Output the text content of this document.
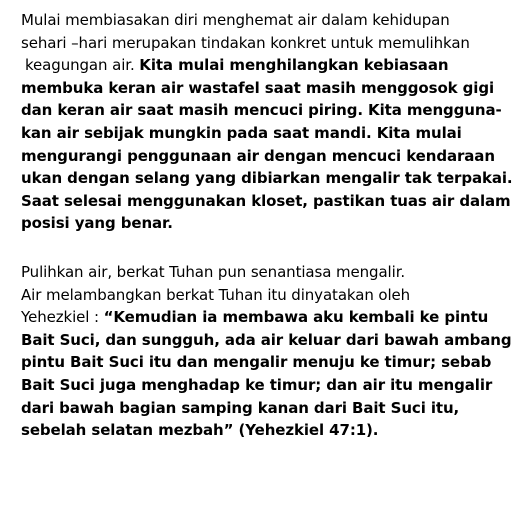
Mulai membiasakan diri menghemat air dalam kehidupan
sehari –hari merupakan tindakan konkret untuk memulihkan
keagungan air. Kita mulai menghilangkan kebiasaan
membuka keran air wastafel saat masih menggosok gigi
dan keran air saat masih mencuci piring. Kita mengguna-
kan air sebijak mungkin pada saat mandi. Kita mulai
mengurangi penggunaan air dengan mencuci kendaraan
ukan dengan selang yang dibiarkan mengalir tak terpakai.
Saat selesai menggunakan kloset, pastikan tuas air dalam
posisi yang benar.

Pulihkan air, berkat Tuhan pun senantiasa mengalir.
Air melambangkan berkat Tuhan itu dinyatakan oleh
Yehezkiel : “Kemudian ia membawa aku kembali ke pintu
Bait Suci, dan sungguh, ada air keluar dari bawah ambang
pintu Bait Suci itu dan mengalir menuju ke timur; sebab
Bait Suci juga menghadap ke timur; dan air itu mengalir
dari bawah bagian samping kanan dari Bait Suci itu,
sebelah selatan mezbah” (Yehezkiel 47:1).
